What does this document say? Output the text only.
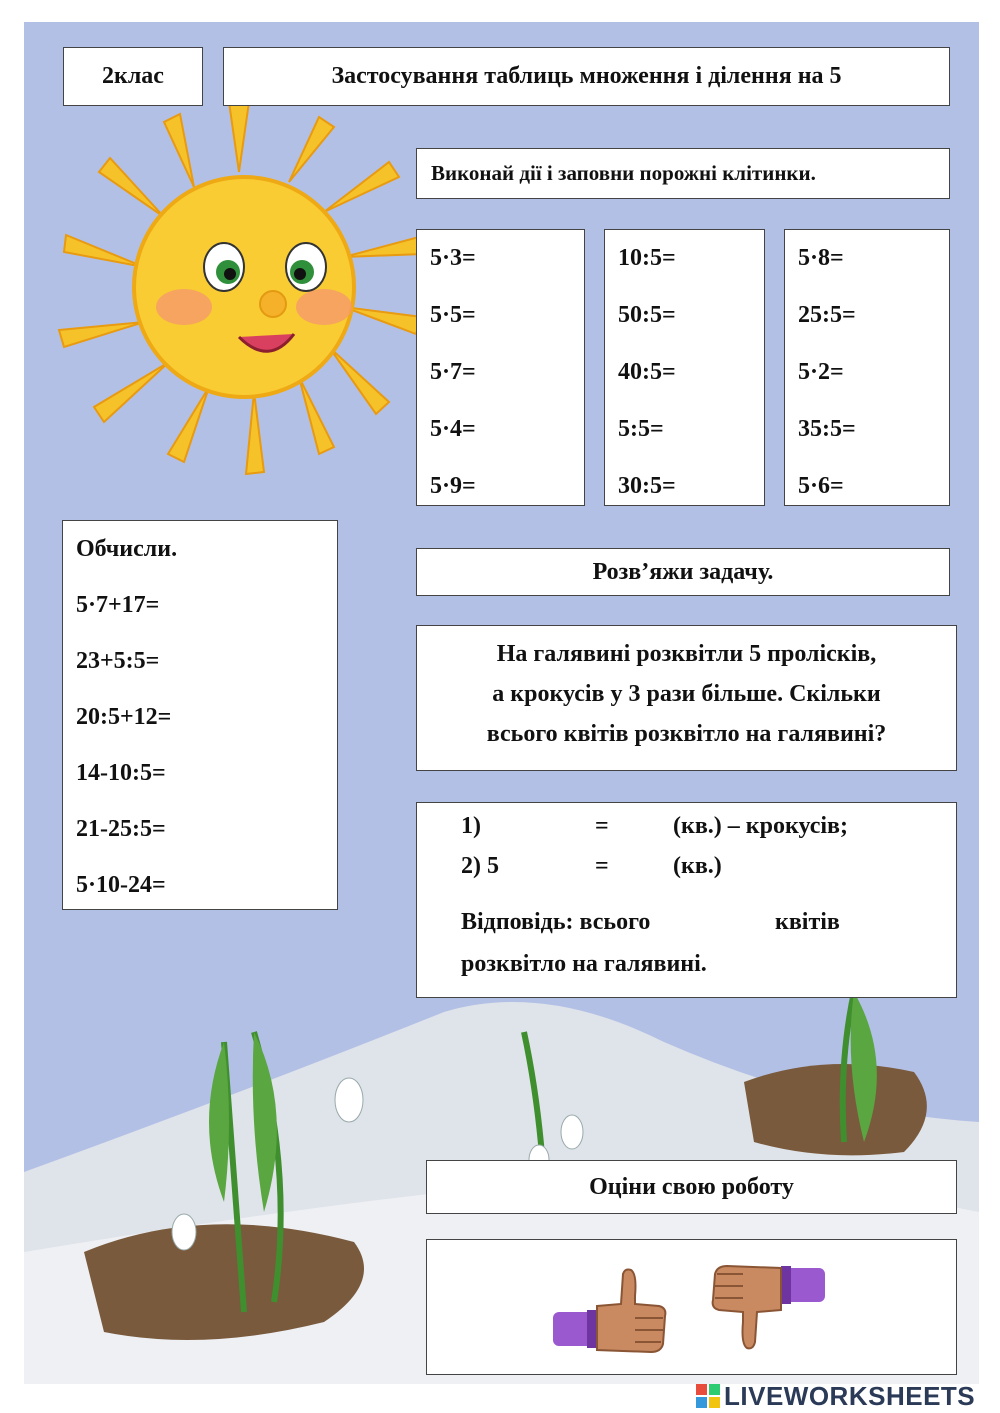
2клас	Застосування таблиць множення і ділення на 5
Виконай дії і заповни порожні клітинки.
5·3=
5·5=
5·7=
5·4=
5·9=
10:5=
50:5=
40:5=
5:5=
30:5=
5·8=
25:5=
5·2=
35:5=
5·6=
Обчисли.
5·7+17=
23+5:5=
20:5+12=
14-10:5=
21-25:5=
5·10-24=
Розв’яжи задачу.
На галявині розквітли 5 пролісків,
а крокусів у 3 рази більше. Скільки
всього квітів розквітло на галявині?
1)	=	(кв.) – крокусів;
2) 5	=	(кв.)
Відповідь: всього	квітів
розквітло на галявині.
Оціни свою роботу
LIVEWORKSHEETS
